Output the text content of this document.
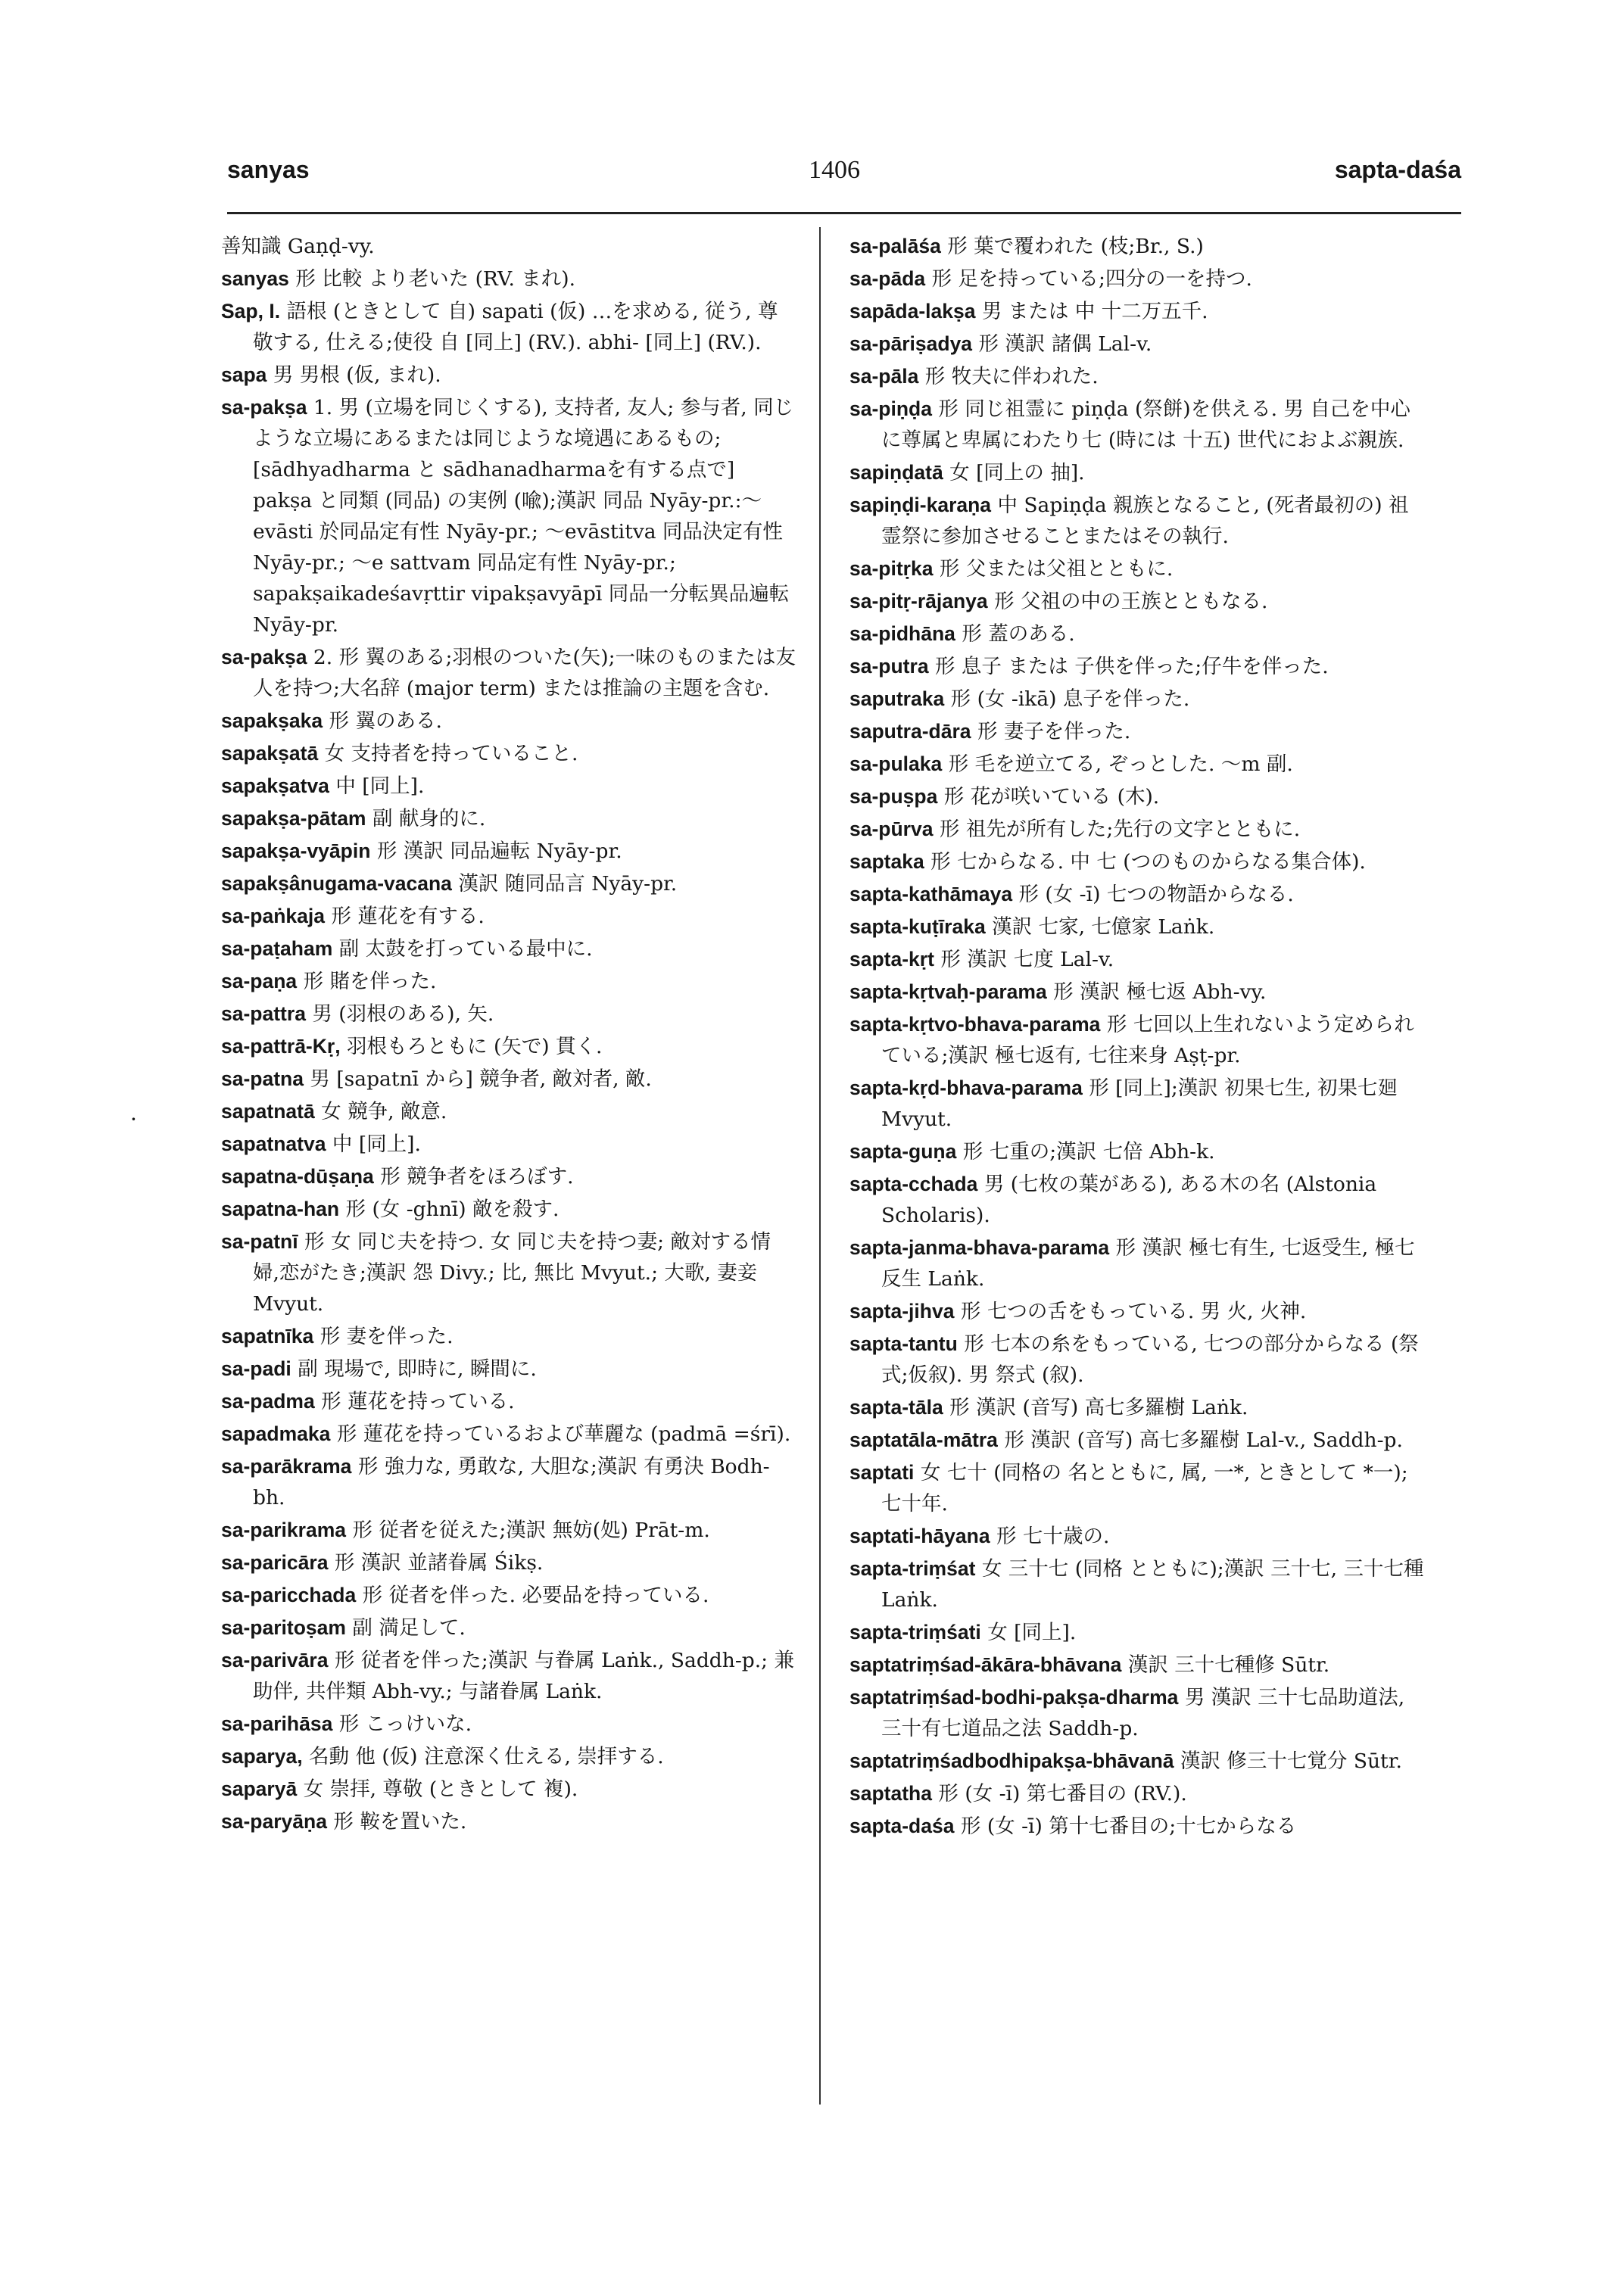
sanyas	1406	sapta-daśa
·
善知識 Gaṇḍ-vy.
sanyas 形 比較 より老いた (RV. まれ).
Sap, I. 語根 (ときとして 自) sapati (仮) …を求める, 従う, 尊敬する, 仕える;使役 自 [同上] (RV.). abhi- [同上] (RV.).
sapa 男 男根 (仮, まれ).
sa-pakṣa 1. 男 (立場を同じくする), 支持者, 友人; 参与者, 同じような立場にあるまたは同じような境遇にあるもの;[sādhyadharma と sādhanadharmaを有する点で] pakṣa と同類 (同品) の実例 (喩);漢訳 同品 Nyāy-pr.:～evāsti 於同品定有性 Nyāy-pr.; ～evāstitva 同品決定有性 Nyāy-pr.; ～e sattvam 同品定有性 Nyāy-pr.; sapakṣaikadeśavṛttir vipakṣavyāpī 同品一分転異品遍転 Nyāy-pr.
sa-pakṣa 2. 形 翼のある;羽根のついた(矢);一味のものまたは友人を持つ;大名辞 (major term) または推論の主題を含む.
sapakṣaka 形 翼のある.
sapakṣatā 女 支持者を持っていること.
sapakṣatva 中 [同上].
sapakṣa-pātam 副 献身的に.
sapakṣa-vyāpin 形 漢訳 同品遍転 Nyāy-pr.
sapakṣânugama-vacana 漢訳 随同品言 Nyāy-pr.
sa-paṅkaja 形 蓮花を有する.
sa-paṭaham 副 太鼓を打っている最中に.
sa-paṇa 形 賭を伴った.
sa-pattra 男 (羽根のある), 矢.
sa-pattrā-Kṛ, 羽根もろともに (矢で) 貫く.
sa-patna 男 [sapatnī から] 競争者, 敵対者, 敵.
sapatnatā 女 競争, 敵意.
sapatnatva 中 [同上].
sapatna-dūṣaṇa 形 競争者をほろぼす.
sapatna-han 形 (女 -ghnī) 敵を殺す.
sa-patnī 形 女 同じ夫を持つ. 女 同じ夫を持つ妻; 敵対する情婦,恋がたき;漢訳 怨 Divy.; 比, 無比 Mvyut.; 大歌, 妻妾 Mvyut.
sapatnīka 形 妻を伴った.
sa-padi 副 現場で, 即時に, 瞬間に.
sa-padma 形 蓮花を持っている.
sapadmaka 形 蓮花を持っているおよび華麗な (padmā =śrī).
sa-parākrama 形 強力な, 勇敢な, 大胆な;漢訳 有勇決 Bodh-bh.
sa-parikrama 形 従者を従えた;漢訳 無妨(処) Prāt-m.
sa-paricāra 形 漢訳 並諸眷属 Śikṣ.
sa-paricchada 形 従者を伴った. 必要品を持っている.
sa-paritoṣam 副 満足して.
sa-parivāra 形 従者を伴った;漢訳 与眷属 Laṅk., Saddh-p.; 兼助伴, 共伴類 Abh-vy.; 与諸眷属 Laṅk.
sa-parihāsa 形 こっけいな.
saparya, 名動 他 (仮) 注意深く仕える, 崇拝する.
saparyā 女 崇拝, 尊敬 (ときとして 複).
sa-paryāṇa 形 鞍を置いた.
sa-palāśa 形 葉で覆われた (枝;Br., S.)
sa-pāda 形 足を持っている;四分の一を持つ.
sapāda-lakṣa 男 または 中 十二万五千.
sa-pāriṣadya 形 漢訳 諸偶 Lal-v.
sa-pāla 形 牧夫に伴われた.
sa-piṇḍa 形 同じ祖霊に piṇḍa (祭餅)を供える. 男 自己を中心に尊属と卑属にわたり七 (時には 十五) 世代におよぶ親族.
sapiṇḍatā 女 [同上の 抽].
sapiṇḍi-karaṇa 中 Sapiṇḍa 親族となること, (死者最初の) 祖霊祭に参加させることまたはその執行.
sa-pitṛka 形 父または父祖とともに.
sa-pitṛ-rājanya 形 父祖の中の王族とともなる.
sa-pidhāna 形 蓋のある.
sa-putra 形 息子 または 子供を伴った;仔牛を伴った.
saputraka 形 (女 -ikā) 息子を伴った.
saputra-dāra 形 妻子を伴った.
sa-pulaka 形 毛を逆立てる, ぞっとした. ～m 副.
sa-puṣpa 形 花が咲いている (木).
sa-pūrva 形 祖先が所有した;先行の文字とともに.
saptaka 形 七からなる. 中 七 (つのものからなる集合体).
sapta-kathāmaya 形 (女 -ī) 七つの物語からなる.
sapta-kuṭīraka 漢訳 七家, 七億家 Laṅk.
sapta-kṛt 形 漢訳 七度 Lal-v.
sapta-kṛtvaḥ-parama 形 漢訳 極七返 Abh-vy.
sapta-kṛtvo-bhava-parama 形 七回以上生れないよう定められている;漢訳 極七返有, 七往来身 Aṣṭ-pr.
sapta-kṛd-bhava-parama 形 [同上];漢訳 初果七生, 初果七廻 Mvyut.
sapta-guṇa 形 七重の;漢訳 七倍 Abh-k.
sapta-cchada 男 (七枚の葉がある), ある木の名 (Alstonia Scholaris).
sapta-janma-bhava-parama 形 漢訳 極七有生, 七返受生, 極七反生 Laṅk.
sapta-jihva 形 七つの舌をもっている. 男 火, 火神.
sapta-tantu 形 七本の糸をもっている, 七つの部分からなる (祭式;仮叙). 男 祭式 (叙).
sapta-tāla 形 漢訳 (音写) 高七多羅樹 Laṅk.
saptatāla-mātra 形 漢訳 (音写) 高七多羅樹 Lal-v., Saddh-p.
saptati 女 七十 (同格の 名とともに, 属, 一*, ときとして *一);七十年.
saptati-hāyana 形 七十歳の.
sapta-triṃśat 女 三十七 (同格 とともに);漢訳 三十七, 三十七種 Laṅk.
sapta-triṃśati 女 [同上].
saptatriṃśad-ākāra-bhāvana 漢訳 三十七種修 Sūtr.
saptatriṃśad-bodhi-pakṣa-dharma 男 漢訳 三十七品助道法, 三十有七道品之法 Saddh-p.
saptatriṃśadbodhipakṣa-bhāvanā 漢訳 修三十七覚分 Sūtr.
saptatha 形 (女 -ī) 第七番目の (RV.).
sapta-daśa 形 (女 -ī) 第十七番目の;十七からなる
